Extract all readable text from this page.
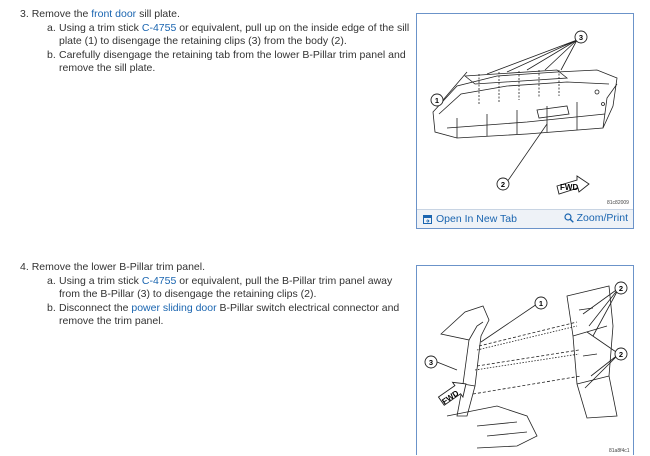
3. Remove the front door sill plate.

a. Using a trim stick C-4755 or equivalent, pull up on the inside edge of the sill plate (1) to disengage the retaining clips (3) from the body (2).
b. Carefully disengage the retaining tab from the lower B-Pillar trim panel and remove the sill plate.
1
3
2	FWD
81c82009
Open In New Tab	Zoom/Print

4. Remove the lower B-Pillar trim panel.

a. Using a trim stick C-4755 or equivalent, pull the B-Pillar trim panel away from the B-Pillar (3) to disengage the retaining clips (2).
b. Disconnect the power sliding door B-Pillar switch electrical connector and remove the trim panel.
1
2
2
3
FWD
81a8f4c1
